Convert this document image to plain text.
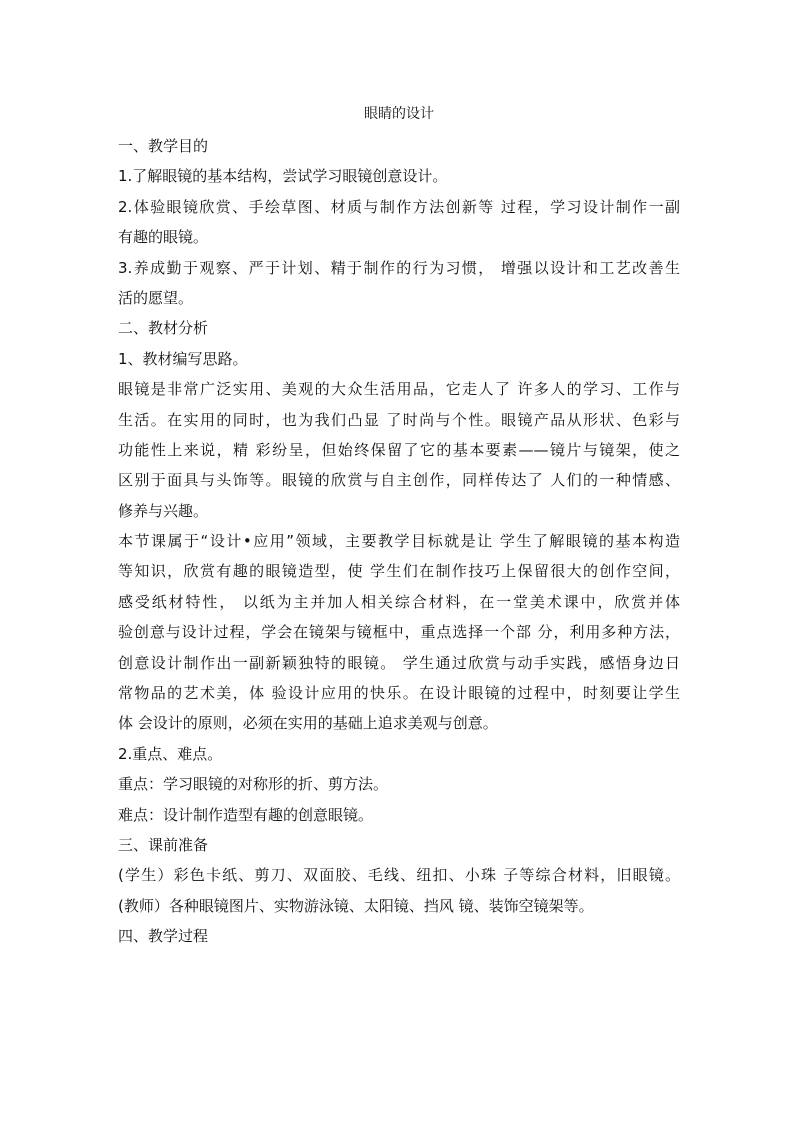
眼睛的设计
一、教学目的
1.了解眼镜的基本结构，尝试学习眼镜创意设计。
2.体验眼镜欣赏、手绘草图、材质与制作方法创新等 过程，学习设计制作一副
有趣的眼镜。
3.养成勤于观察、严于计划、精于制作的行为习惯， 增强以设计和工艺改善生
活的愿望。
二、教材分析
1、教材编写思路。
眼镜是非常广泛实用、美观的大众生活用品，它走人了 许多人的学习、工作与
生活。在实用的同时，也为我们凸显 了时尚与个性。眼镜产品从形状、色彩与
功能性上来说，精 彩纷呈，但始终保留了它的基本要素——镜片与镜架，使之
区别于面具与头饰等。眼镜的欣赏与自主创作，同样传达了 人们的一种情感、
修养与兴趣。
本节课属于“设计•应用”领域，主要教学目标就是让 学生了解眼镜的基本构造
等知识，欣赏有趣的眼镜造型，使 学生们在制作技巧上保留很大的创作空间，
感受纸材特性， 以纸为主并加人相关综合材料，在一堂美术课中，欣赏并体
验创意与设计过程，学会在镜架与镜框中，重点选择一个部 分，利用多种方法，
创意设计制作出一副新颖独特的眼镜。 学生通过欣赏与动手实践，感悟身边日
常物品的艺术美，体 验设计应用的快乐。在设计眼镜的过程中，时刻要让学生
体 会设计的原则，必须在实用的基础上追求美观与创意。
2.重点、难点。
重点：学习眼镜的对称形的折、剪方法。
难点：设计制作造型有趣的创意眼镜。
三、课前准备
(学生）彩色卡纸、剪刀、双面胶、毛线、纽扣、小珠 子等综合材料，旧眼镜。
(教师）各种眼镜图片、实物游泳镜、太阳镜、挡风 镜、装饰空镜架等。
四、教学过程
